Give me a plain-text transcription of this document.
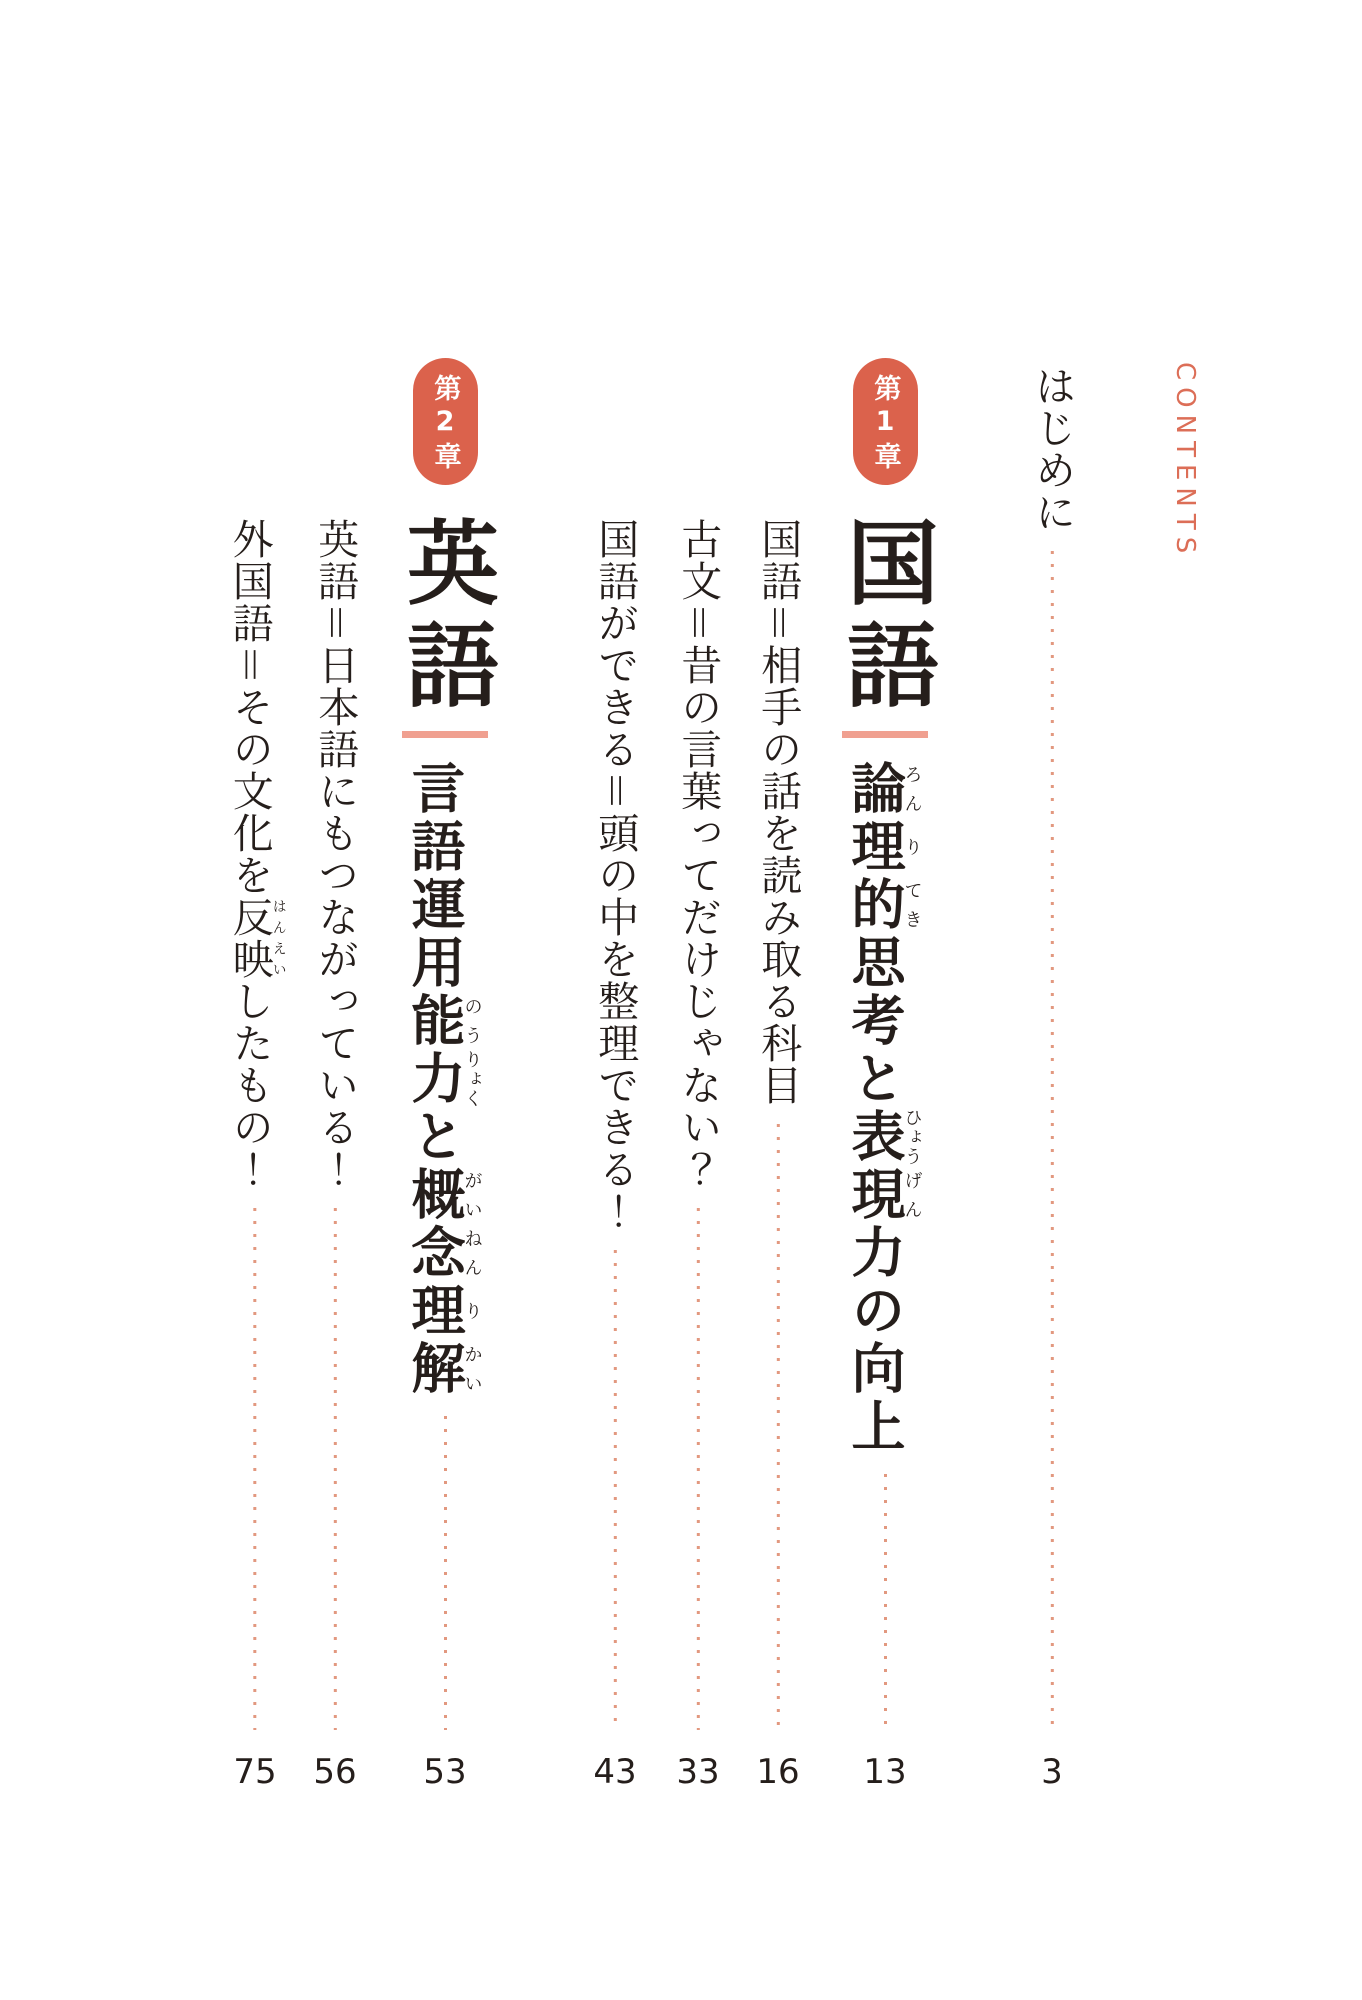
CONTENTS
はじめに
3
第1章
国語
論ろん理り的てき思考と表ひょう現げん力の向上
13
国語＝相手の話を読み取る科目
16
古文＝昔の言葉ってだけじゃない？
33
国語ができる＝頭の中を整理できる！
43
第2章
英語
言語運用能のう力りょくと概がい念ねん理り解かい
53
英語＝日本語にもつながっている！
56
外国語＝その文化を反はん映えいしたもの！
75
